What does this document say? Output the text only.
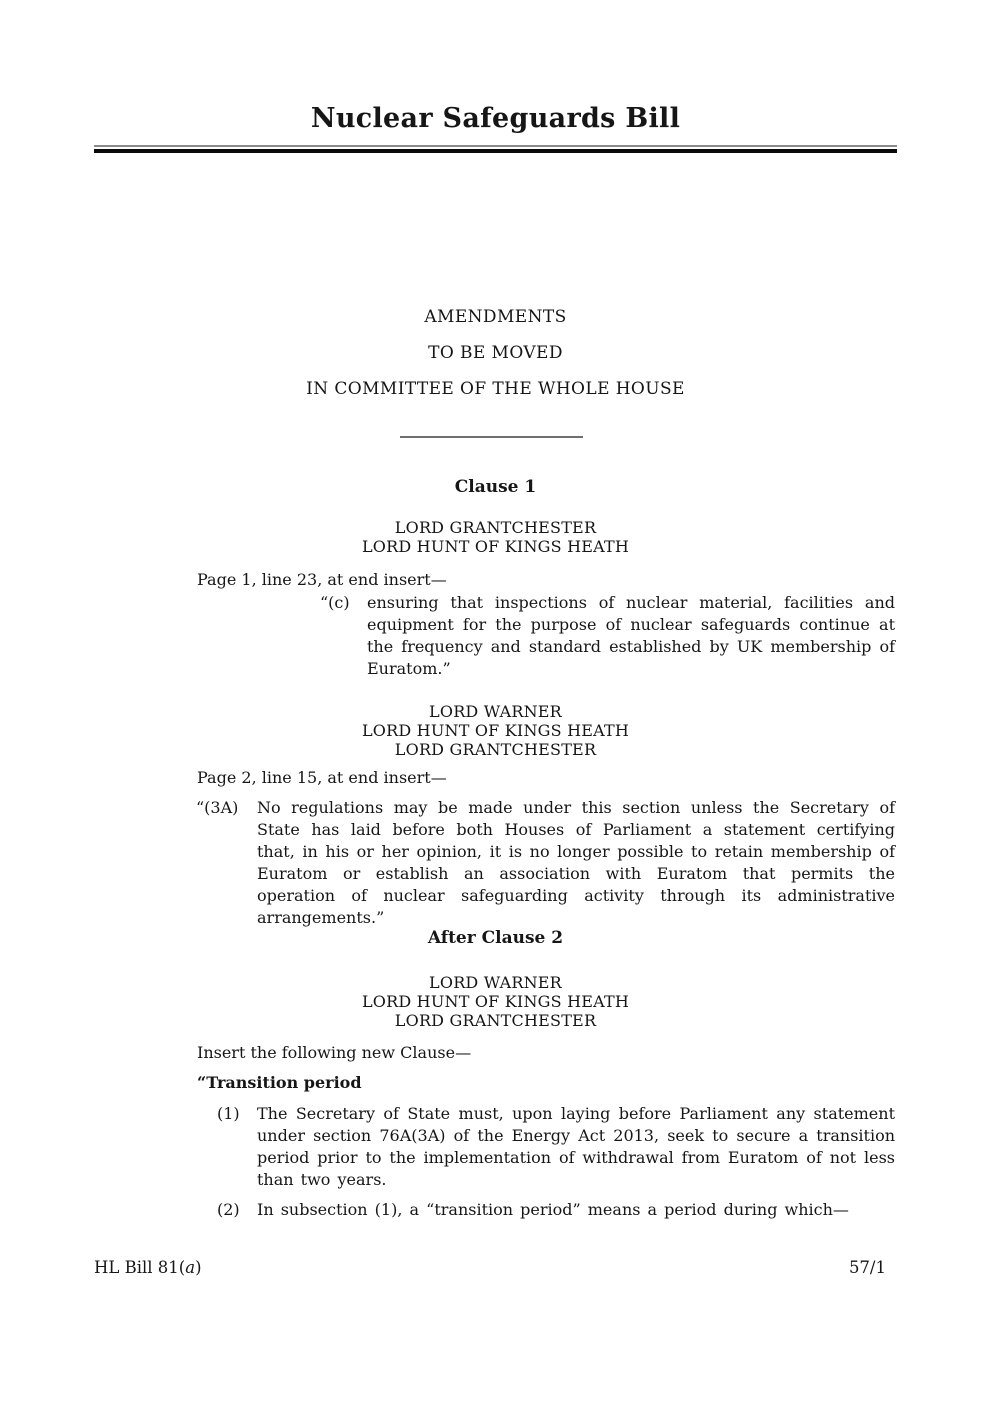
Nuclear Safeguards Bill
AMENDMENTS
TO BE MOVED
IN COMMITTEE OF THE WHOLE HOUSE
Clause 1
LORD GRANTCHESTER
LORD HUNT OF KINGS HEATH
Page 1, line 23, at end insert—
“(c)	ensuring that inspections of nuclear material, facilities and equipment for the purpose of nuclear safeguards continue at the frequency and standard established by UK membership of Euratom.”
LORD WARNER
LORD HUNT OF KINGS HEATH
LORD GRANTCHESTER
Page 2, line 15, at end insert—
“(3A)	No regulations may be made under this section unless the Secretary of State has laid before both Houses of Parliament a statement certifying that, in his or her opinion, it is no longer possible to retain membership of Euratom or establish an association with Euratom that permits the operation of nuclear safeguarding activity through its administrative arrangements.”
After Clause 2
LORD WARNER
LORD HUNT OF KINGS HEATH
LORD GRANTCHESTER
Insert the following new Clause—
“Transition period
(1)	The Secretary of State must, upon laying before Parliament any statement under section 76A(3A) of the Energy Act 2013, seek to secure a transition period prior to the implementation of withdrawal from Euratom of not less than two years.
(2)	In subsection (1), a “transition period” means a period during which—
HL Bill 81(a)	57/1
